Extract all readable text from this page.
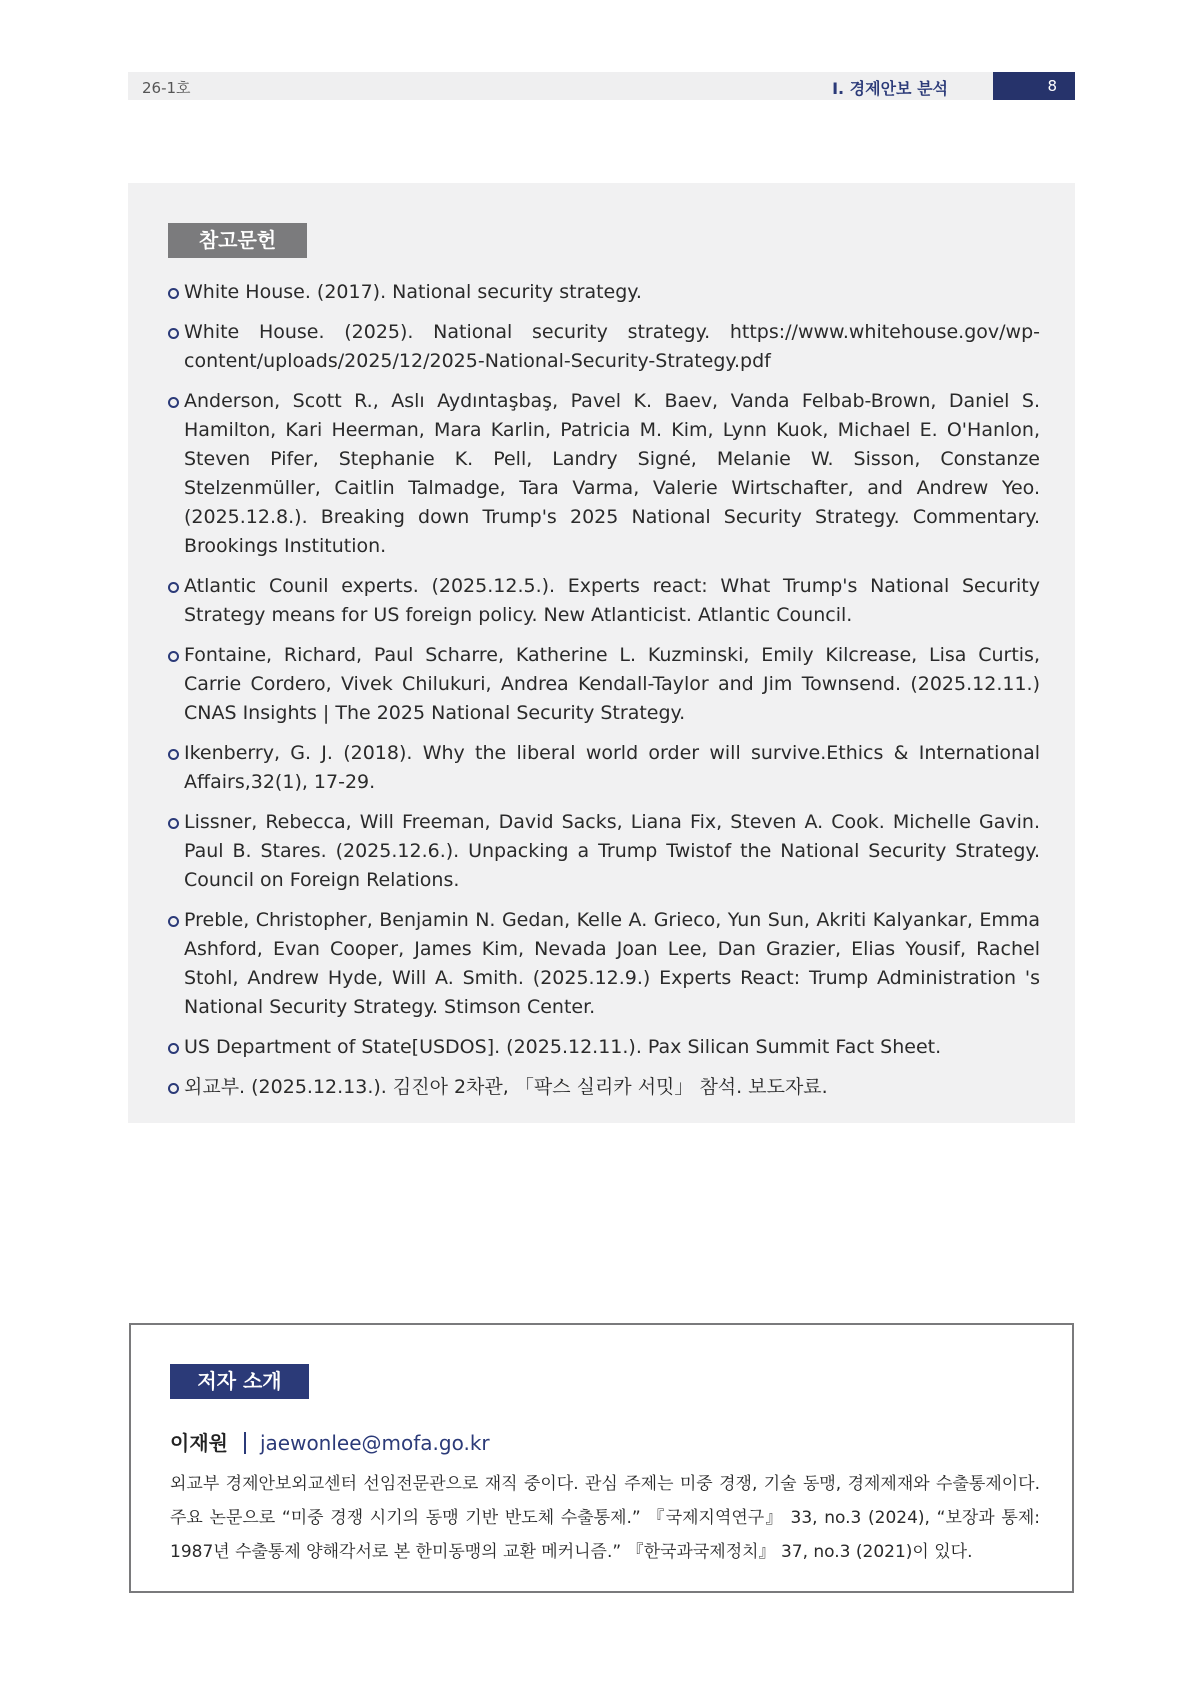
26-1호	Ⅰ. 경제안보 분석	8
참고문헌
White House. (2017). National security strategy.
White House. (2025). National security strategy. https://www.whitehouse.gov/wp-content/uploads/2025/12/2025-National-Security-Strategy.pdf
Anderson, Scott R., Aslı Aydıntaşbaş, Pavel K. Baev, Vanda Felbab-Brown, Daniel S. Hamilton, Kari Heerman, Mara Karlin, Patricia M. Kim, Lynn Kuok, Michael E. O'Hanlon, Steven Pifer, Stephanie K. Pell, Landry Signé, Melanie W. Sisson, Constanze Stelzenmüller, Caitlin Talmadge, Tara Varma, Valerie Wirtschafter, and Andrew Yeo. (2025.12.8.). Breaking down Trump's 2025 National Security Strategy. Commentary. Brookings Institution.
Atlantic Counil experts. (2025.12.5.). Experts react: What Trump's National Security Strategy means for US foreign policy. New Atlanticist. Atlantic Council.
Fontaine, Richard, Paul Scharre, Katherine L. Kuzminski, Emily Kilcrease, Lisa Curtis, Carrie Cordero, Vivek Chilukuri, Andrea Kendall-Taylor and Jim Townsend. (2025.12.11.) CNAS Insights | The 2025 National Security Strategy.
Ikenberry, G. J. (2018). Why the liberal world order will survive.Ethics & International Affairs,32(1), 17-29.
Lissner, Rebecca, Will Freeman, David Sacks, Liana Fix, Steven A. Cook. Michelle Gavin. Paul B. Stares. (2025.12.6.). Unpacking a Trump Twistof the National Security Strategy. Council on Foreign Relations.
Preble, Christopher, Benjamin N. Gedan, Kelle A. Grieco, Yun Sun, Akriti Kalyankar, Emma Ashford, Evan Cooper, James Kim, Nevada Joan Lee, Dan Grazier, Elias Yousif, Rachel Stohl, Andrew Hyde, Will A. Smith. (2025.12.9.) Experts React: Trump Administration 's National Security Strategy. Stimson Center.
US Department of State[USDOS]. (2025.12.11.). Pax Silican Summit Fact Sheet.
외교부. (2025.12.13.). 김진아 2차관, 「팍스 실리카 서밋」 참석. 보도자료.
저자 소개
이재원 jaewonlee@mofa.go.kr

외교부 경제안보외교센터 선임전문관으로 재직 중이다. 관심 주제는 미중 경쟁, 기술 동맹, 경제제재와 수출통제이다. 주요 논문으로 “미중 경쟁 시기의 동맹 기반 반도체 수출통제.” 『국제지역연구』 33, no.3 (2024), “보장과 통제: 1987년 수출통제 양해각서로 본 한미동맹의 교환 메커니즘.” 『한국과국제정치』 37, no.3 (2021)이 있다.
